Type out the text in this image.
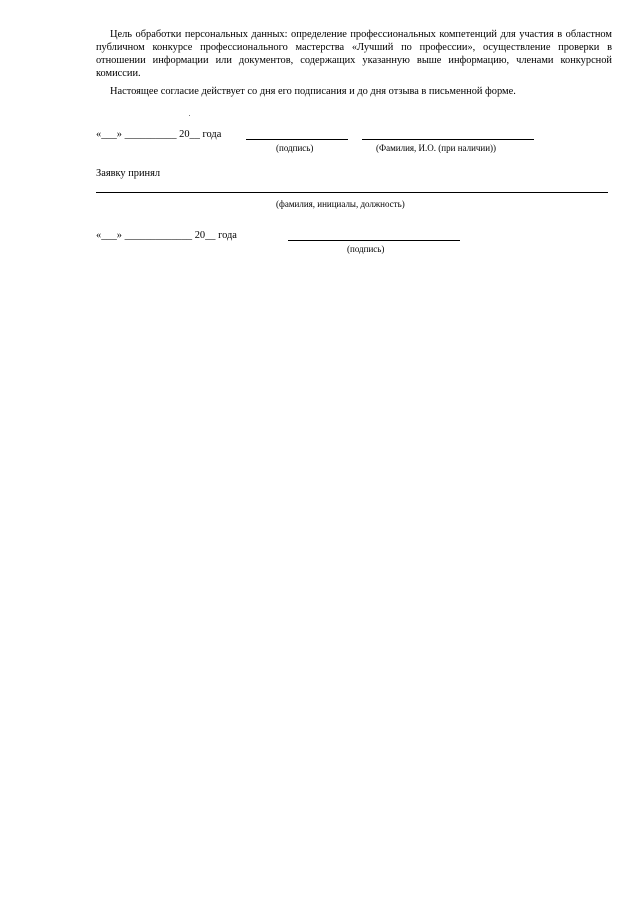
Цель обработки персональных данных: определение профессиональных компетенций для участия в областном публичном конкурсе профессионального мастерства «Лучший по профессии», осуществление проверки в отношении информации или документов, содержащих указанную выше информацию, членами конкурсной комиссии.

Настоящее согласие действует со дня его подписания и до дня отзыва в письменной форме.

«___» __________ 20__ года
(подпись)	(Фамилия, И.О. (при наличии))
Заявку принял
(фамилия, инициалы, должность)
«___» _____________ 20__ года
(подпись)
